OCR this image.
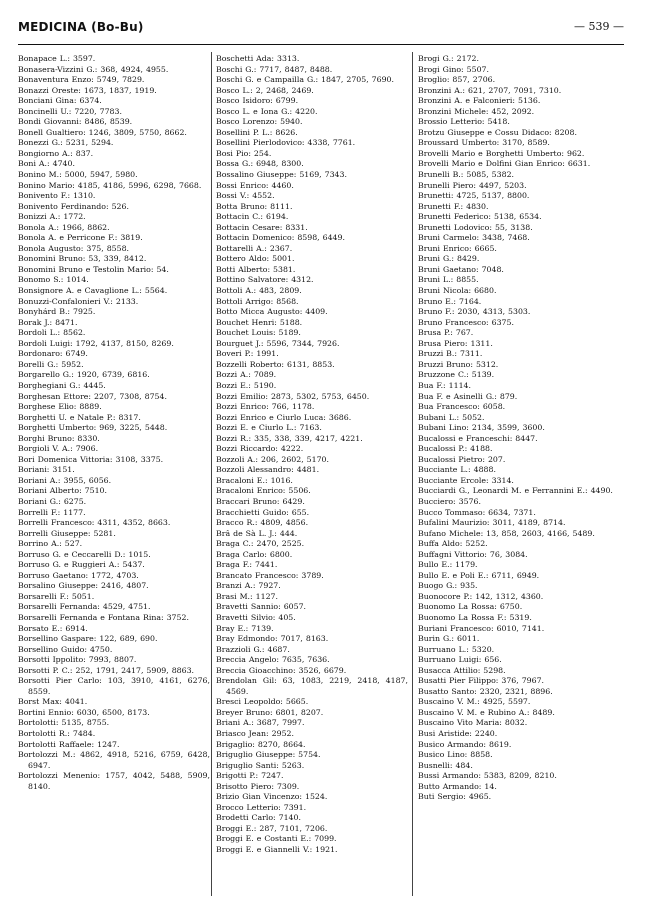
MEDICINA (Bo-Bu)	— 539 —
Bonapace L.: 3597.
Bonasera-Vizzini G.: 368, 4924, 4955.
Bonaventura Enzo: 5749, 7829.
Bonazzi Oreste: 1673, 1837, 1919.
Bonciani Gina: 6374.
Boncinelli U.: 7220, 7783.
Bondi Giovanni: 8486, 8539.
Bonell Gualtiero: 1246, 3809, 5750, 8662.
Bonezzi G.: 5231, 5294.
Bongiorno A.: 837.
Boni A.: 4740.
Bonino M.: 5000, 5947, 5980.
Bonino Mario: 4185, 4186, 5996, 6298, 7668.
Bonivento F.: 1310.
Bonivento Ferdinando: 526.
Bonizzi A.: 1772.
Bonola A.: 1966, 8862.
Bonola A. e Perricone F.: 3819.
Bonola Augusto: 375, 8558.
Bonomini Bruno: 53, 339, 8412.
Bonomini Bruno e Testolin Mario: 54.
Bonomo S.: 1014.
Bonsignore A. e Cavaglione L.: 5564.
Bonuzzi-Confalonieri V.: 2133.
Bonyhárd B.: 7925.
Borak J.: 8471.
Bordoli L.: 8562.
Bordoli Luigi: 1792, 4137, 8150, 8269.
Bordonaro: 6749.
Borelli G.: 5952.
Borgarello G.: 1920, 6739, 6816.
Borghegiani G.: 4445.
Borghesan Ettore: 2207, 7308, 8754.
Borghese Elio: 8889.
Borghetti U. e Natale P.: 8317.
Borghetti Umberto: 969, 3225, 5448.
Borghi Bruno: 8330.
Borgioli V. A.: 7906.
Bori Domenica Vittoria: 3108, 3375.
Boriani: 3151.
Boriani A.: 3955, 6056.
Boriani Alberto: 7510.
Boriani G.: 6275.
Borrelli F.: 1177.
Borrelli Francesco: 4311, 4352, 8663.
Borrelli Giuseppe: 5281.
Borrino A.: 527.
Borruso G. e Ceccarelli D.: 1015.
Borruso G. e Ruggieri A.: 5437.
Borruso Gaetano: 1772, 4703.
Borsalino Giuseppe: 2416, 4807.
Borsarelli F.: 5051.
Borsarelli Fernanda: 4529, 4751.
Borsarelli Fernanda e Fontana Rina: 3752.
Borsato E.: 6914.
Borsellino Gaspare: 122, 689, 690.
Borsellino Guido: 4750.
Borsotti Ippolito: 7993, 8807.
Borsotti P. C.: 252, 1791, 2417, 5909, 8863.
Borsotti Pier Carlo: 103, 3910, 4161, 6276, 8559.
Borst Max: 4041.
Bortini Ennio: 6030, 6500, 8173.
Bortolotti: 5135, 8755.
Bortolotti R.: 7484.
Bortolotti Raffaele: 1247.
Bortolozzi M.: 4862, 4918, 5216, 6759, 6428, 6947.
Bortolozzi Menenio: 1757, 4042, 5488, 5909, 8140.
Boschetti Ada: 3313.
Boschi G.: 7717, 8487, 8488.
Boschi G. e Campailla G.: 1847, 2705, 7690.
Bosco L.: 2, 2468, 2469.
Bosco Isidoro: 6799.
Bosco L. e Iona G.: 4220.
Bosco Lorenzo: 5940.
Bosellini P. L.: 8626.
Bosellini Pierlodovico: 4338, 7761.
Bosi Pio: 254.
Bossa G.: 6948, 8300.
Bossalino Giuseppe: 5169, 7343.
Bossi Enrico: 4460.
Bossi V.: 4552.
Botta Bruno: 8111.
Bottacin C.: 6194.
Bottacin Cesare: 8331.
Bottacin Domenico: 8598, 6449.
Bottarelli A.: 2367.
Bottero Aldo: 5001.
Botti Alberto: 5381.
Bottino Salvatore: 4312.
Bottoli A.: 483, 2809.
Bottoli Arrigo: 8568.
Botto Micca Augusto: 4409.
Bouchet Henri: 5188.
Bouchet Louis: 5189.
Bourguet J.: 5596, 7344, 7926.
Boveri P.: 1991.
Bozzelli Roberto: 6131, 8853.
Bozzi A.: 7089.
Bozzi E.: 5190.
Bozzi Emilio: 2873, 5302, 5753, 6450.
Bozzi Enrico: 766, 1178.
Bozzi Enrico e Ciurlo Luca: 3686.
Bozzi E. e Ciurlo L.: 7163.
Bozzi R.: 335, 338, 339, 4217, 4221.
Bozzi Riccardo: 4222.
Bozzoli A.: 206, 2602, 5170.
Bozzoli Alessandro: 4481.
Bracaloni E.: 1016.
Bracaloni Enrico: 5506.
Braccari Bruno: 6429.
Bracchietti Guido: 655.
Bracco R.: 4809, 4856.
Brâ de Sà L. J.: 444.
Braga C.: 2470, 2525.
Braga Carlo: 6800.
Braga F.: 7441.
Brancato Francesco: 3789.
Branzi A.: 7927.
Brasi M.: 1127.
Bravetti Sannio: 6057.
Bravetti Silvio: 405.
Bray E.: 7139.
Bray Edmondo: 7017, 8163.
Brazzioli G.: 4687.
Breccia Angelo: 7635, 7636.
Breccia Gioacchino: 3526, 6679.
Brendolan Gil: 63, 1083, 2219, 2418, 4187, 4569.
Bresci Leopoldo: 5665.
Breyer Bruno: 6801, 8207.
Briani A.: 3687, 7997.
Briasco Jean: 2952.
Brigaglio: 8270, 8664.
Briguglio Giuseppe: 5754.
Briguglio Santi: 5263.
Brigotti P.: 7247.
Brisotto Piero: 7309.
Brizio Gian Vincenzo: 1524.
Brocco Letterio: 7391.
Brodetti Carlo: 7140.
Broggi E.: 287, 7101, 7206.
Broggi E. e Costanti E.: 7099.
Broggi E. e Giannelli V.: 1921.
Brogi G.: 2172.
Brogi Gino: 5507.
Broglio: 857, 2706.
Bronzini A.: 621, 2707, 7091, 7310.
Bronzini A. e Falconieri: 5136.
Bronzini Michele: 452, 2092.
Brossio Letterio: 5418.
Brotzu Giuseppe e Cossu Didaco: 8208.
Broussard Umberto: 3170, 8589.
Brovelli Mario e Borghetti Umberto: 962.
Brovelli Mario e Dolfini Gian Enrico: 6631.
Brunelli B.: 5085, 5382.
Brunelli Piero: 4497, 5203.
Brunetti: 4725, 5137, 8800.
Brunetti F.: 4830.
Brunetti Federico: 5138, 6534.
Brunetti Lodovico: 55, 3138.
Bruni Carmelo: 3438, 7468.
Bruni Enrico: 6665.
Bruni G.: 8429.
Bruni Gaetano: 7048.
Bruni L.: 8855.
Bruni Nicola: 6680.
Bruno E.: 7164.
Bruno F.: 2030, 4313, 5303.
Bruno Francesco: 6375.
Brusa P.: 767.
Brusa Piero: 1311.
Bruzzi B.: 7311.
Bruzzi Bruno: 5312.
Bruzzone C.: 5139.
Bua F.: 1114.
Bua F. e Asinelli G.: 879.
Bua Francesco: 6058.
Bubani L.: 5052.
Bubani Lino: 2134, 3599, 3600.
Bucalossi e Franceschi: 8447.
Bucalossi P.: 4188.
Bucalossi Pietro: 207.
Bucciante L.: 4888.
Bucciante Ercole: 3314.
Bucciardi G., Leonardi M. e Ferrannini E.: 4490.
Bucciero: 3576.
Bucco Tommaso: 6634, 7371.
Bufalini Maurizio: 3011, 4189, 8714.
Bufano Michele: 13, 858, 2603, 4166, 5489.
Buffa Aldo: 5252.
Buffagni Vittorio: 76, 3084.
Bullo E.: 1179.
Bullo E. e Poli E.: 6711, 6949.
Buogo G.: 935.
Buonocore P.: 142, 1312, 4360.
Buonomo La Rossa: 6750.
Buonomo La Rossa F.: 5319.
Buriani Francesco: 6010, 7141.
Burin G.: 6011.
Burruano L.: 5320.
Burruano Luigi: 656.
Busacca Attilio: 5298.
Busatti Pier Filippo: 376, 7967.
Busatto Santo: 2320, 2321, 8896.
Buscaino V. M.: 4925, 5597.
Buscaino V. M. e Rubino A.: 8489.
Buscaino Vito Maria: 8032.
Busi Aristide: 2240.
Busico Armando: 8619.
Busico Lino: 8858.
Busnelli: 484.
Bussi Armando: 5383, 8209, 8210.
Butto Armando: 14.
Buti Sergio: 4965.
